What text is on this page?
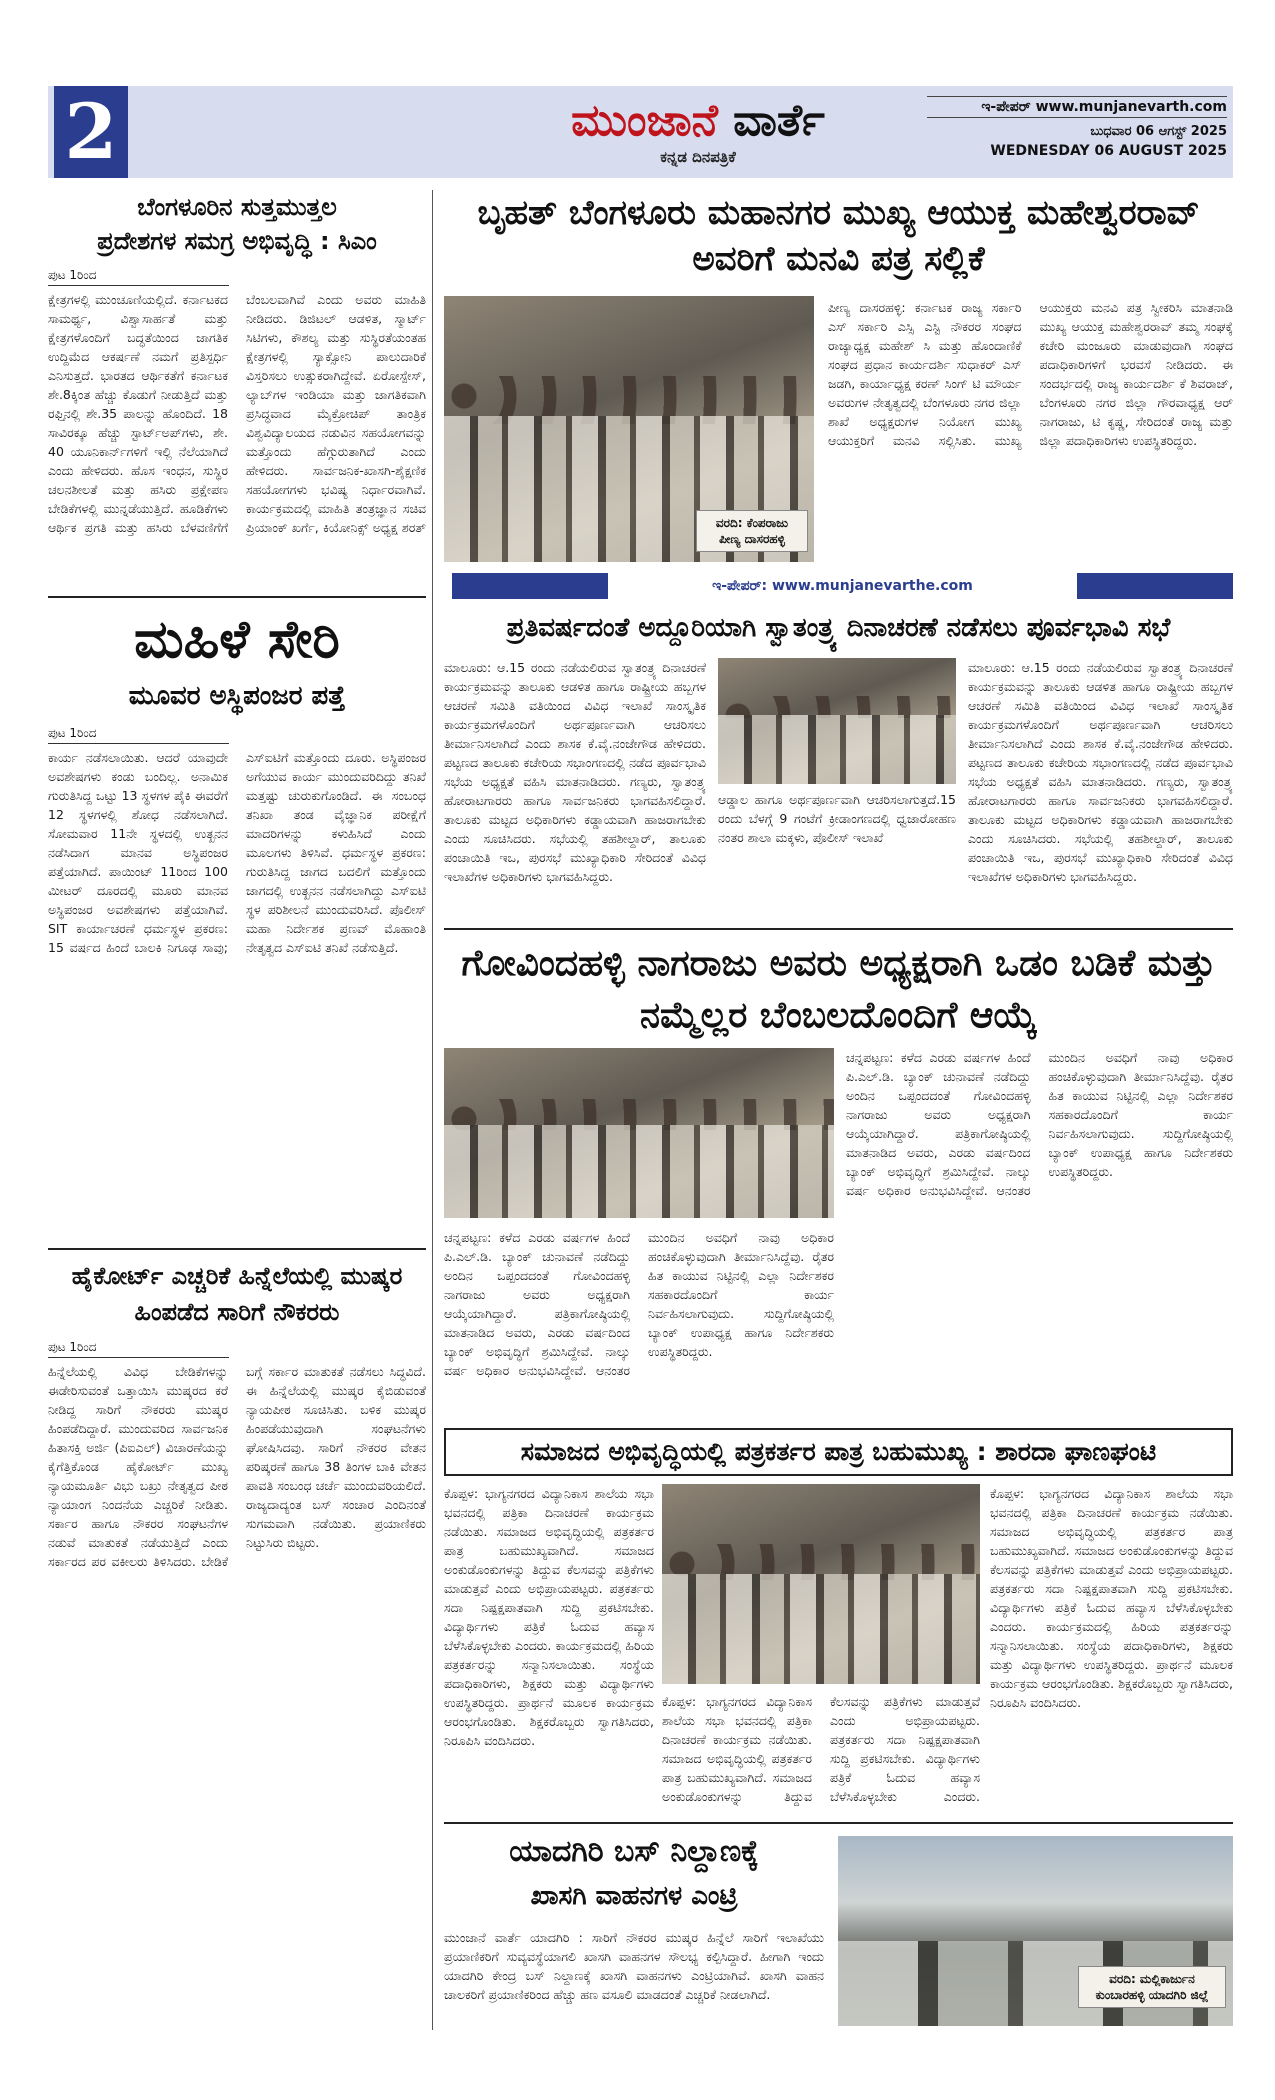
2	ಮುಂಜಾನೆ ವಾರ್ತೆ
ಕನ್ನಡ ದಿನಪತ್ರಿಕೆ
ಇ-ಪೇಪರ್ www.munjanevarth.com
ಬುಧವಾರ 06 ಆಗಸ್ಟ್ 2025
WEDNESDAY 06 AUGUST 2025
ಬೆಂಗಳೂರಿನ ಸುತ್ತಮುತ್ತಲ
ಪ್ರದೇಶಗಳ ಸಮಗ್ರ ಅಭಿವೃದ್ಧಿ : ಸಿಎಂ
ಪುಟ 1ರಿಂದ
ಕ್ಷೇತ್ರಗಳಲ್ಲಿ ಮುಂಚೂಣಿಯಲ್ಲಿದೆ. ಕರ್ನಾಟಕದ ಸಾಮರ್ಥ್ಯ, ವಿಶ್ವಾಸಾರ್ಹತೆ ಮತ್ತು ಕ್ಷೇತ್ರಗಳೊಂದಿಗೆ ಬದ್ಧತೆಯಿಂದ ಜಾಗತಿಕ ಉದ್ದಿಮೆದ ಆಕರ್ಷಣೆ ನಮಗೆ ಪ್ರತಿಸ್ಪರ್ಧಿ ಎನಿಸುತ್ತದೆ. ಭಾರತದ ಆರ್ಥಿಕತೆಗೆ ಕರ್ನಾಟಕ ಶೇ.8ಕ್ಕಿಂತ ಹೆಚ್ಚು ಕೊಡುಗೆ ನೀಡುತ್ತಿದೆ ಮತ್ತು ರಫ್ತಿನಲ್ಲಿ ಶೇ.35 ಪಾಲನ್ನು ಹೊಂದಿದೆ. 18 ಸಾವಿರಕ್ಕೂ ಹೆಚ್ಚು ಸ್ಟಾರ್ಟ್‌ಅಪ್‌ಗಳು, ಶೇ. 40 ಯೂನಿಕಾರ್ನ್‌ಗಳಿಗೆ ಇಲ್ಲಿ ನೆಲೆಯಾಗಿದೆ ಎಂದು ಹೇಳಿದರು. ಹೊಸ ಇಂಧನ, ಸುಸ್ಥಿರ ಚಲನಶೀಲತೆ ಮತ್ತು ಹಸಿರು ಪ್ರಕ್ಷೇಪಣ ಬೇಡಿಕೆಗಳಲ್ಲಿ ಮುನ್ನಡೆಯುತ್ತಿದೆ. ಹೂಡಿಕೆಗಳು ಆರ್ಥಿಕ ಪ್ರಗತಿ ಮತ್ತು ಹಸಿರು ಬೆಳವಣಿಗೆಗೆ ಬೆಂಬಲವಾಗಿವೆ ಎಂದು ಅವರು ಮಾಹಿತಿ ನೀಡಿದರು. ಡಿಜಿಟಲ್ ಆಡಳಿತ, ಸ್ಮಾರ್ಟ್ ಸಿಟಿಗಳು, ಕೌಶಲ್ಯ ಮತ್ತು ಸುಸ್ಥಿರತೆಯಂತಹ ಕ್ಷೇತ್ರಗಳಲ್ಲಿ ಸ್ಯಾಕ್ಸೋನಿ ಪಾಲುದಾರಿಕೆ ವಿಸ್ತರಿಸಲು ಉತ್ಸುಕರಾಗಿದ್ದೇವೆ. ಏರೋಸ್ಪೇಸ್, ಲ್ಯಾಬ್‌ಗಳ ಇಂಡಿಯಾ ಮತ್ತು ಜಾಗತಿಕವಾಗಿ ಪ್ರಸಿದ್ಧವಾದ ಮೈಕ್ರೋಚಿಪ್ ತಾಂತ್ರಿಕ ವಿಶ್ವವಿದ್ಯಾಲಯದ ನಡುವಿನ ಸಹಯೋಗವನ್ನು ಮತ್ತೊಂದು ಹೆಗ್ಗುರುತಾಗಿದೆ ಎಂದು ಹೇಳಿದರು. ಸಾರ್ವಜನಿಕ-ಖಾಸಗಿ-ಶೈಕ್ಷಣಿಕ ಸಹಯೋಗಗಳು ಭವಿಷ್ಯ ನಿರ್ಧಾರವಾಗಿವೆ. ಕಾರ್ಯಕ್ರಮದಲ್ಲಿ ಮಾಹಿತಿ ತಂತ್ರಜ್ಞಾನ ಸಚಿವ ಪ್ರಿಯಾಂಕ್ ಖರ್ಗೆ, ಕಿಯೋನಿಕ್ಸ್ ಅಧ್ಯಕ್ಷ ಶರತ್
ಮಹಿಳೆ ಸೇರಿ
ಮೂವರ ಅಸ್ಥಿಪಂಜರ ಪತ್ತೆ
ಪುಟ 1ರಿಂದ
ಕಾರ್ಯ ನಡೆಸಲಾಯಿತು. ಆದರೆ ಯಾವುದೇ ಅವಶೇಷಗಳು ಕಂಡು ಬಂದಿಲ್ಲ. ಅನಾಮಿಕ ಗುರುತಿಸಿದ್ದ ಒಟ್ಟು 13 ಸ್ಥಳಗಳ ಪೈಕಿ ಈವರೆಗೆ 12 ಸ್ಥಳಗಳಲ್ಲಿ ಶೋಧ ನಡೆಸಲಾಗಿದೆ. ಸೋಮವಾರ 11ನೇ ಸ್ಥಳದಲ್ಲಿ ಉತ್ಖನನ ನಡೆಸಿದಾಗ ಮಾನವ ಅಸ್ಥಿಪಂಜರ ಪತ್ತೆಯಾಗಿದೆ. ಪಾಯಿಂಟ್ 11ರಿಂದ 100 ಮೀಟರ್ ದೂರದಲ್ಲಿ ಮೂರು ಮಾನವ ಅಸ್ಥಿಪಂಜರ ಅವಶೇಷಗಳು ಪತ್ತೆಯಾಗಿವೆ. SIT ಕಾರ್ಯಾಚರಣೆ ಧರ್ಮಸ್ಥಳ ಪ್ರಕರಣ: 15 ವರ್ಷದ ಹಿಂದೆ ಬಾಲಕಿ ನಿಗೂಢ ಸಾವು; ಎಸ್‌ಐಟಿಗೆ ಮತ್ತೊಂದು ದೂರು. ಅಸ್ಥಿಪಂಜರ ಅಗೆಯುವ ಕಾರ್ಯ ಮುಂದುವರಿದಿದ್ದು ತನಿಖೆ ಮತ್ತಷ್ಟು ಚುರುಕುಗೊಂಡಿದೆ. ಈ ಸಂಬಂಧ ತನಿಖಾ ತಂಡ ವೈಜ್ಞಾನಿಕ ಪರೀಕ್ಷೆಗೆ ಮಾದರಿಗಳನ್ನು ಕಳುಹಿಸಿದೆ ಎಂದು ಮೂಲಗಳು ತಿಳಿಸಿವೆ. ಧರ್ಮಸ್ಥಳ ಪ್ರಕರಣ: ಗುರುತಿಸಿದ್ದ ಜಾಗದ ಬದಲಿಗೆ ಮತ್ತೊಂದು ಜಾಗದಲ್ಲಿ ಉತ್ಖನನ ನಡೆಸಲಾಗಿದ್ದು ಎಸ್‌ಐಟಿ ಸ್ಥಳ ಪರಿಶೀಲನೆ ಮುಂದುವರಿಸಿದೆ. ಪೊಲೀಸ್ ಮಹಾ ನಿರ್ದೇಶಕ ಪ್ರಣವ್ ಮೊಹಾಂತಿ ನೇತೃತ್ವದ ಎಸ್‌ಐಟಿ ತನಿಖೆ ನಡೆಸುತ್ತಿದೆ.
ಹೈಕೋರ್ಟ್ ಎಚ್ಚರಿಕೆ ಹಿನ್ನೆಲೆಯಲ್ಲಿ ಮುಷ್ಕರ ಹಿಂಪಡೆದ ಸಾರಿಗೆ ನೌಕರರು
ಪುಟ 1ರಿಂದ
ಹಿನ್ನೆಲೆಯಲ್ಲಿ ವಿವಿಧ ಬೇಡಿಕೆಗಳನ್ನು ಈಡೇರಿಸುವಂತೆ ಒತ್ತಾಯಿಸಿ ಮುಷ್ಕರದ ಕರೆ ನೀಡಿದ್ದ ಸಾರಿಗೆ ನೌಕರರು ಮುಷ್ಕರ ಹಿಂಪಡೆದಿದ್ದಾರೆ. ಮುಂದುವರಿದ ಸಾರ್ವಜನಿಕ ಹಿತಾಸಕ್ತಿ ಅರ್ಜಿ (ಪಿಐಎಲ್) ವಿಚಾರಣೆಯನ್ನು ಕೈಗೆತ್ತಿಕೊಂಡ ಹೈಕೋರ್ಟ್ ಮುಖ್ಯ ನ್ಯಾಯಮೂರ್ತಿ ವಿಭು ಬಖ್ರು ನೇತೃತ್ವದ ಪೀಠ ನ್ಯಾಯಾಂಗ ನಿಂದನೆಯ ಎಚ್ಚರಿಕೆ ನೀಡಿತು. ಸರ್ಕಾರ ಹಾಗೂ ನೌಕರರ ಸಂಘಟನೆಗಳ ನಡುವೆ ಮಾತುಕತೆ ನಡೆಯುತ್ತಿದೆ ಎಂದು ಸರ್ಕಾರದ ಪರ ವಕೀಲರು ತಿಳಿಸಿದರು. ಬೇಡಿಕೆ ಬಗ್ಗೆ ಸರ್ಕಾರ ಮಾತುಕತೆ ನಡೆಸಲು ಸಿದ್ಧವಿದೆ. ಈ ಹಿನ್ನೆಲೆಯಲ್ಲಿ ಮುಷ್ಕರ ಕೈಬಿಡುವಂತೆ ನ್ಯಾಯಪೀಠ ಸೂಚಿಸಿತು. ಬಳಿಕ ಮುಷ್ಕರ ಹಿಂಪಡೆಯುವುದಾಗಿ ಸಂಘಟನೆಗಳು ಘೋಷಿಸಿದವು. ಸಾರಿಗೆ ನೌಕರರ ವೇತನ ಪರಿಷ್ಕರಣೆ ಹಾಗೂ 38 ತಿಂಗಳ ಬಾಕಿ ವೇತನ ಪಾವತಿ ಸಂಬಂಧ ಚರ್ಚೆ ಮುಂದುವರಿಯಲಿದೆ. ರಾಜ್ಯದಾದ್ಯಂತ ಬಸ್ ಸಂಚಾರ ಎಂದಿನಂತೆ ಸುಗಮವಾಗಿ ನಡೆಯಿತು. ಪ್ರಯಾಣಿಕರು ನಿಟ್ಟುಸಿರು ಬಿಟ್ಟರು.
ಬೃಹತ್ ಬೆಂಗಳೂರು ಮಹಾನಗರ ಮುಖ್ಯ ಆಯುಕ್ತ ಮಹೇಶ್ವರರಾವ್ ಅವರಿಗೆ ಮನವಿ ಪತ್ರ ಸಲ್ಲಿಕೆ
ವರದಿ: ಕೆಂಪರಾಜು
ಪೀಣ್ಯ ದಾಸರಹಳ್ಳಿ
ಪೀಣ್ಯ ದಾಸರಹಳ್ಳಿ: ಕರ್ನಾಟಕ ರಾಜ್ಯ ಸರ್ಕಾರಿ ಎಸ್ ಸರ್ಕಾರಿ ಎಸ್ಸಿ ಎಸ್ಟಿ ನೌಕರರ ಸಂಘದ ರಾಜ್ಯಾಧ್ಯಕ್ಷ ಮಹೇಶ್ ಸಿ ಮತ್ತು ಹೊಂದಾಣಿಕೆ ಸಂಘದ ಪ್ರಧಾನ ಕಾರ್ಯದರ್ಶಿ ಸುಧಾಕರ್ ಎಸ್ ಜಡಗಿ, ಕಾರ್ಯಾಧ್ಯಕ್ಷ ಕರಣ್ ಸಿಂಗ್ ಟಿ ಮೌರ್ಯ ಅವರುಗಳ ನೇತೃತ್ವದಲ್ಲಿ ಬೆಂಗಳೂರು ನಗರ ಜಿಲ್ಲಾ ಶಾಖೆ ಅಧ್ಯಕ್ಷರುಗಳ ನಿಯೋಗ ಮುಖ್ಯ ಆಯುಕ್ತರಿಗೆ ಮನವಿ ಸಲ್ಲಿಸಿತು. ಮುಖ್ಯ ಆಯುಕ್ತರು ಮನವಿ ಪತ್ರ ಸ್ವೀಕರಿಸಿ ಮಾತನಾಡಿ ಮುಖ್ಯ ಆಯುಕ್ತ ಮಹೇಶ್ವರರಾವ್ ತಮ್ಮ ಸಂಘಕ್ಕೆ ಕಚೇರಿ ಮಂಜೂರು ಮಾಡುವುದಾಗಿ ಸಂಘದ ಪದಾಧಿಕಾರಿಗಳಿಗೆ ಭರವಸೆ ನೀಡಿದರು. ಈ ಸಂದರ್ಭದಲ್ಲಿ ರಾಜ್ಯ ಕಾರ್ಯದರ್ಶಿ ಕೆ ಶಿವರಾಜ್, ಬೆಂಗಳೂರು ನಗರ ಜಿಲ್ಲಾ ಗೌರವಾಧ್ಯಕ್ಷ ಆರ್ ನಾಗರಾಜು, ಟಿ ಕೃಷ್ಣ, ಸೇರಿದಂತೆ ರಾಜ್ಯ ಮತ್ತು ಜಿಲ್ಲಾ ಪದಾಧಿಕಾರಿಗಳು ಉಪಸ್ಥಿತರಿದ್ದರು.
ಇ-ಪೇಪರ್: www.munjanevarthe.com
ಪ್ರತಿವರ್ಷದಂತೆ ಅದ್ದೂರಿಯಾಗಿ ಸ್ವಾತಂತ್ರ್ಯ ದಿನಾಚರಣೆ ನಡೆಸಲು ಪೂರ್ವಭಾವಿ ಸಭೆ
ಮಾಲೂರು: ಆ.15 ರಂದು ನಡೆಯಲಿರುವ ಸ್ವಾತಂತ್ರ್ಯ ದಿನಾಚರಣೆ ಕಾರ್ಯಕ್ರಮವನ್ನು ತಾಲೂಕು ಆಡಳಿತ ಹಾಗೂ ರಾಷ್ಟ್ರೀಯ ಹಬ್ಬಗಳ ಆಚರಣೆ ಸಮಿತಿ ವತಿಯಿಂದ ವಿವಿಧ ಇಲಾಖೆ ಸಾಂಸ್ಕೃತಿಕ ಕಾರ್ಯಕ್ರಮಗಳೊಂದಿಗೆ ಅರ್ಥಪೂರ್ಣವಾಗಿ ಆಚರಿಸಲು ತೀರ್ಮಾನಿಸಲಾಗಿದೆ ಎಂದು ಶಾಸಕ ಕೆ.ವೈ.ನಂಜೇಗೌಡ ಹೇಳಿದರು. ಪಟ್ಟಣದ ತಾಲೂಕು ಕಚೇರಿಯ ಸಭಾಂಗಣದಲ್ಲಿ ನಡೆದ ಪೂರ್ವಭಾವಿ ಸಭೆಯ ಅಧ್ಯಕ್ಷತೆ ವಹಿಸಿ ಮಾತನಾಡಿದರು. ಗಣ್ಯರು, ಸ್ವಾತಂತ್ರ್ಯ ಹೋರಾಟಗಾರರು ಹಾಗೂ ಸಾರ್ವಜನಿಕರು ಭಾಗವಹಿಸಲಿದ್ದಾರೆ. ತಾಲೂಕು ಮಟ್ಟದ ಅಧಿಕಾರಿಗಳು ಕಡ್ಡಾಯವಾಗಿ ಹಾಜರಾಗಬೇಕು ಎಂದು ಸೂಚಿಸಿದರು. ಸಭೆಯಲ್ಲಿ ತಹಶೀಲ್ದಾರ್, ತಾಲೂಕು ಪಂಚಾಯಿತಿ ಇಒ, ಪುರಸಭೆ ಮುಖ್ಯಾಧಿಕಾರಿ ಸೇರಿದಂತೆ ವಿವಿಧ ಇಲಾಖೆಗಳ ಅಧಿಕಾರಿಗಳು ಭಾಗವಹಿಸಿದ್ದರು.
ಆಡ್ಡಾಲ ಹಾಗೂ ಅರ್ಥಪೂರ್ಣವಾಗಿ ಆಚರಿಸಲಾಗುತ್ತದೆ.15 ರಂದು ಬೆಳಗ್ಗೆ 9 ಗಂಟೆಗೆ ಕ್ರೀಡಾಂಗಣದಲ್ಲಿ ಧ್ವಜಾರೋಹಣ ನಂತರ ಶಾಲಾ ಮಕ್ಕಳು, ಪೊಲೀಸ್ ಇಲಾಖೆ
ಮಾಲೂರು: ಆ.15 ರಂದು ನಡೆಯಲಿರುವ ಸ್ವಾತಂತ್ರ್ಯ ದಿನಾಚರಣೆ ಕಾರ್ಯಕ್ರಮವನ್ನು ತಾಲೂಕು ಆಡಳಿತ ಹಾಗೂ ರಾಷ್ಟ್ರೀಯ ಹಬ್ಬಗಳ ಆಚರಣೆ ಸಮಿತಿ ವತಿಯಿಂದ ವಿವಿಧ ಇಲಾಖೆ ಸಾಂಸ್ಕೃತಿಕ ಕಾರ್ಯಕ್ರಮಗಳೊಂದಿಗೆ ಅರ್ಥಪೂರ್ಣವಾಗಿ ಆಚರಿಸಲು ತೀರ್ಮಾನಿಸಲಾಗಿದೆ ಎಂದು ಶಾಸಕ ಕೆ.ವೈ.ನಂಜೇಗೌಡ ಹೇಳಿದರು. ಪಟ್ಟಣದ ತಾಲೂಕು ಕಚೇರಿಯ ಸಭಾಂಗಣದಲ್ಲಿ ನಡೆದ ಪೂರ್ವಭಾವಿ ಸಭೆಯ ಅಧ್ಯಕ್ಷತೆ ವಹಿಸಿ ಮಾತನಾಡಿದರು. ಗಣ್ಯರು, ಸ್ವಾತಂತ್ರ್ಯ ಹೋರಾಟಗಾರರು ಹಾಗೂ ಸಾರ್ವಜನಿಕರು ಭಾಗವಹಿಸಲಿದ್ದಾರೆ. ತಾಲೂಕು ಮಟ್ಟದ ಅಧಿಕಾರಿಗಳು ಕಡ್ಡಾಯವಾಗಿ ಹಾಜರಾಗಬೇಕು ಎಂದು ಸೂಚಿಸಿದರು. ಸಭೆಯಲ್ಲಿ ತಹಶೀಲ್ದಾರ್, ತಾಲೂಕು ಪಂಚಾಯಿತಿ ಇಒ, ಪುರಸಭೆ ಮುಖ್ಯಾಧಿಕಾರಿ ಸೇರಿದಂತೆ ವಿವಿಧ ಇಲಾಖೆಗಳ ಅಧಿಕಾರಿಗಳು ಭಾಗವಹಿಸಿದ್ದರು.
ಗೋವಿಂದಹಳ್ಳಿ ನಾಗರಾಜು ಅವರು ಅಧ್ಯಕ್ಷರಾಗಿ ಒಡಂ ಬಡಿಕೆ ಮತ್ತು ನಮ್ಮೆಲ್ಲರ ಬೆಂಬಲದೊಂದಿಗೆ ಆಯ್ಕೆ
ಚನ್ನಪಟ್ಟಣ: ಕಳೆದ ಎರಡು ವರ್ಷಗಳ ಹಿಂದೆ ಪಿ.ಎಲ್.ಡಿ. ಬ್ಯಾಂಕ್ ಚುನಾವಣೆ ನಡೆದಿದ್ದು ಅಂದಿನ ಒಪ್ಪಂದದಂತೆ ಗೋವಿಂದಹಳ್ಳಿ ನಾಗರಾಜು ಅವರು ಅಧ್ಯಕ್ಷರಾಗಿ ಆಯ್ಕೆಯಾಗಿದ್ದಾರೆ. ಪತ್ರಿಕಾಗೋಷ್ಠಿಯಲ್ಲಿ ಮಾತನಾಡಿದ ಅವರು, ಎರಡು ವರ್ಷದಿಂದ ಬ್ಯಾಂಕ್ ಅಭಿವೃದ್ಧಿಗೆ ಶ್ರಮಿಸಿದ್ದೇವೆ. ನಾಲ್ಕು ವರ್ಷ ಅಧಿಕಾರ ಅನುಭವಿಸಿದ್ದೇವೆ. ಆನಂತರ ಮುಂದಿನ ಅವಧಿಗೆ ನಾವು ಅಧಿಕಾರ ಹಂಚಿಕೊಳ್ಳುವುದಾಗಿ ತೀರ್ಮಾನಿಸಿದ್ದೆವು. ರೈತರ ಹಿತ ಕಾಯುವ ನಿಟ್ಟಿನಲ್ಲಿ ಎಲ್ಲಾ ನಿರ್ದೇಶಕರ ಸಹಕಾರದೊಂದಿಗೆ ಕಾರ್ಯ ನಿರ್ವಹಿಸಲಾಗುವುದು. ಸುದ್ದಿಗೋಷ್ಠಿಯಲ್ಲಿ ಬ್ಯಾಂಕ್ ಉಪಾಧ್ಯಕ್ಷ ಹಾಗೂ ನಿರ್ದೇಶಕರು ಉಪಸ್ಥಿತರಿದ್ದರು.
ಚನ್ನಪಟ್ಟಣ: ಕಳೆದ ಎರಡು ವರ್ಷಗಳ ಹಿಂದೆ ಪಿ.ಎಲ್.ಡಿ. ಬ್ಯಾಂಕ್ ಚುನಾವಣೆ ನಡೆದಿದ್ದು ಅಂದಿನ ಒಪ್ಪಂದದಂತೆ ಗೋವಿಂದಹಳ್ಳಿ ನಾಗರಾಜು ಅವರು ಅಧ್ಯಕ್ಷರಾಗಿ ಆಯ್ಕೆಯಾಗಿದ್ದಾರೆ. ಪತ್ರಿಕಾಗೋಷ್ಠಿಯಲ್ಲಿ ಮಾತನಾಡಿದ ಅವರು, ಎರಡು ವರ್ಷದಿಂದ ಬ್ಯಾಂಕ್ ಅಭಿವೃದ್ಧಿಗೆ ಶ್ರಮಿಸಿದ್ದೇವೆ. ನಾಲ್ಕು ವರ್ಷ ಅಧಿಕಾರ ಅನುಭವಿಸಿದ್ದೇವೆ. ಆನಂತರ ಮುಂದಿನ ಅವಧಿಗೆ ನಾವು ಅಧಿಕಾರ ಹಂಚಿಕೊಳ್ಳುವುದಾಗಿ ತೀರ್ಮಾನಿಸಿದ್ದೆವು. ರೈತರ ಹಿತ ಕಾಯುವ ನಿಟ್ಟಿನಲ್ಲಿ ಎಲ್ಲಾ ನಿರ್ದೇಶಕರ ಸಹಕಾರದೊಂದಿಗೆ ಕಾರ್ಯ ನಿರ್ವಹಿಸಲಾಗುವುದು. ಸುದ್ದಿಗೋಷ್ಠಿಯಲ್ಲಿ ಬ್ಯಾಂಕ್ ಉಪಾಧ್ಯಕ್ಷ ಹಾಗೂ ನಿರ್ದೇಶಕರು ಉಪಸ್ಥಿತರಿದ್ದರು.
ಸಮಾಜದ ಅಭಿವೃದ್ಧಿಯಲ್ಲಿ ಪತ್ರಕರ್ತರ ಪಾತ್ರ ಬಹುಮುಖ್ಯ : ಶಾರದಾ ಘಾಣಘಂಟಿ
ಕೊಪ್ಪಳ: ಭಾಗ್ಯನಗರದ ವಿದ್ಯಾನಿಕಾಸ ಶಾಲೆಯ ಸಭಾ ಭವನದಲ್ಲಿ ಪತ್ರಿಕಾ ದಿನಾಚರಣೆ ಕಾರ್ಯಕ್ರಮ ನಡೆಯಿತು. ಸಮಾಜದ ಅಭಿವೃದ್ಧಿಯಲ್ಲಿ ಪತ್ರಕರ್ತರ ಪಾತ್ರ ಬಹುಮುಖ್ಯವಾಗಿದೆ. ಸಮಾಜದ ಅಂಕುಡೊಂಕುಗಳನ್ನು ತಿದ್ದುವ ಕೆಲಸವನ್ನು ಪತ್ರಿಕೆಗಳು ಮಾಡುತ್ತವೆ ಎಂದು ಅಭಿಪ್ರಾಯಪಟ್ಟರು. ಪತ್ರಕರ್ತರು ಸದಾ ನಿಷ್ಪಕ್ಷಪಾತವಾಗಿ ಸುದ್ದಿ ಪ್ರಕಟಿಸಬೇಕು. ವಿದ್ಯಾರ್ಥಿಗಳು ಪತ್ರಿಕೆ ಓದುವ ಹವ್ಯಾಸ ಬೆಳೆಸಿಕೊಳ್ಳಬೇಕು ಎಂದರು. ಕಾರ್ಯಕ್ರಮದಲ್ಲಿ ಹಿರಿಯ ಪತ್ರಕರ್ತರನ್ನು ಸನ್ಮಾನಿಸಲಾಯಿತು. ಸಂಸ್ಥೆಯ ಪದಾಧಿಕಾರಿಗಳು, ಶಿಕ್ಷಕರು ಮತ್ತು ವಿದ್ಯಾರ್ಥಿಗಳು ಉಪಸ್ಥಿತರಿದ್ದರು. ಪ್ರಾರ್ಥನೆ ಮೂಲಕ ಕಾರ್ಯಕ್ರಮ ಆರಂಭಗೊಂಡಿತು. ಶಿಕ್ಷಕರೊಬ್ಬರು ಸ್ವಾಗತಿಸಿದರು, ನಿರೂಪಿಸಿ ವಂದಿಸಿದರು.
ಕೊಪ್ಪಳ: ಭಾಗ್ಯನಗರದ ವಿದ್ಯಾನಿಕಾಸ ಶಾಲೆಯ ಸಭಾ ಭವನದಲ್ಲಿ ಪತ್ರಿಕಾ ದಿನಾಚರಣೆ ಕಾರ್ಯಕ್ರಮ ನಡೆಯಿತು. ಸಮಾಜದ ಅಭಿವೃದ್ಧಿಯಲ್ಲಿ ಪತ್ರಕರ್ತರ ಪಾತ್ರ ಬಹುಮುಖ್ಯವಾಗಿದೆ. ಸಮಾಜದ ಅಂಕುಡೊಂಕುಗಳನ್ನು ತಿದ್ದುವ ಕೆಲಸವನ್ನು ಪತ್ರಿಕೆಗಳು ಮಾಡುತ್ತವೆ ಎಂದು ಅಭಿಪ್ರಾಯಪಟ್ಟರು. ಪತ್ರಕರ್ತರು ಸದಾ ನಿಷ್ಪಕ್ಷಪಾತವಾಗಿ ಸುದ್ದಿ ಪ್ರಕಟಿಸಬೇಕು. ವಿದ್ಯಾರ್ಥಿಗಳು ಪತ್ರಿಕೆ ಓದುವ ಹವ್ಯಾಸ ಬೆಳೆಸಿಕೊಳ್ಳಬೇಕು ಎಂದರು.
ಕೊಪ್ಪಳ: ಭಾಗ್ಯನಗರದ ವಿದ್ಯಾನಿಕಾಸ ಶಾಲೆಯ ಸಭಾ ಭವನದಲ್ಲಿ ಪತ್ರಿಕಾ ದಿನಾಚರಣೆ ಕಾರ್ಯಕ್ರಮ ನಡೆಯಿತು. ಸಮಾಜದ ಅಭಿವೃದ್ಧಿಯಲ್ಲಿ ಪತ್ರಕರ್ತರ ಪಾತ್ರ ಬಹುಮುಖ್ಯವಾಗಿದೆ. ಸಮಾಜದ ಅಂಕುಡೊಂಕುಗಳನ್ನು ತಿದ್ದುವ ಕೆಲಸವನ್ನು ಪತ್ರಿಕೆಗಳು ಮಾಡುತ್ತವೆ ಎಂದು ಅಭಿಪ್ರಾಯಪಟ್ಟರು. ಪತ್ರಕರ್ತರು ಸದಾ ನಿಷ್ಪಕ್ಷಪಾತವಾಗಿ ಸುದ್ದಿ ಪ್ರಕಟಿಸಬೇಕು. ವಿದ್ಯಾರ್ಥಿಗಳು ಪತ್ರಿಕೆ ಓದುವ ಹವ್ಯಾಸ ಬೆಳೆಸಿಕೊಳ್ಳಬೇಕು ಎಂದರು. ಕಾರ್ಯಕ್ರಮದಲ್ಲಿ ಹಿರಿಯ ಪತ್ರಕರ್ತರನ್ನು ಸನ್ಮಾನಿಸಲಾಯಿತು. ಸಂಸ್ಥೆಯ ಪದಾಧಿಕಾರಿಗಳು, ಶಿಕ್ಷಕರು ಮತ್ತು ವಿದ್ಯಾರ್ಥಿಗಳು ಉಪಸ್ಥಿತರಿದ್ದರು. ಪ್ರಾರ್ಥನೆ ಮೂಲಕ ಕಾರ್ಯಕ್ರಮ ಆರಂಭಗೊಂಡಿತು. ಶಿಕ್ಷಕರೊಬ್ಬರು ಸ್ವಾಗತಿಸಿದರು, ನಿರೂಪಿಸಿ ವಂದಿಸಿದರು.
ಯಾದಗಿರಿ ಬಸ್ ನಿಲ್ದಾಣಕ್ಕೆ
ಖಾಸಗಿ ವಾಹನಗಳ ಎಂಟ್ರಿ
ಮುಂಜಾನೆ ವಾರ್ತೆ ಯಾದಗಿರಿ : ಸಾರಿಗೆ ನೌಕರರ ಮುಷ್ಕರ ಹಿನ್ನೆಲೆ ಸಾರಿಗೆ ಇಲಾಖೆಯು ಪ್ರಯಾಣಿಕರಿಗೆ ಸುವ್ಯವಸ್ಥೆಯಾಗಲಿ ಖಾಸಗಿ ವಾಹನಗಳ ಸೌಲಭ್ಯ ಕಲ್ಪಿಸಿದ್ದಾರೆ. ಹೀಗಾಗಿ ಇಂದು ಯಾದಗಿರಿ ಕೇಂದ್ರ ಬಸ್ ನಿಲ್ದಾಣಕ್ಕೆ ಖಾಸಗಿ ವಾಹನಗಳು ಎಂಟ್ರಿಯಾಗಿವೆ. ಖಾಸಗಿ ವಾಹನ ಚಾಲಕರಿಗೆ ಪ್ರಯಾಣಿಕರಿಂದ ಹೆಚ್ಚು ಹಣ ವಸೂಲಿ ಮಾಡದಂತೆ ಎಚ್ಚರಿಕೆ ನೀಡಲಾಗಿದೆ.
ವರದಿ: ಮಲ್ಲಿಕಾರ್ಜುನ
ಕುಂಬಾರಹಳ್ಳಿ ಯಾದಗಿರಿ ಜಿಲ್ಲೆ
